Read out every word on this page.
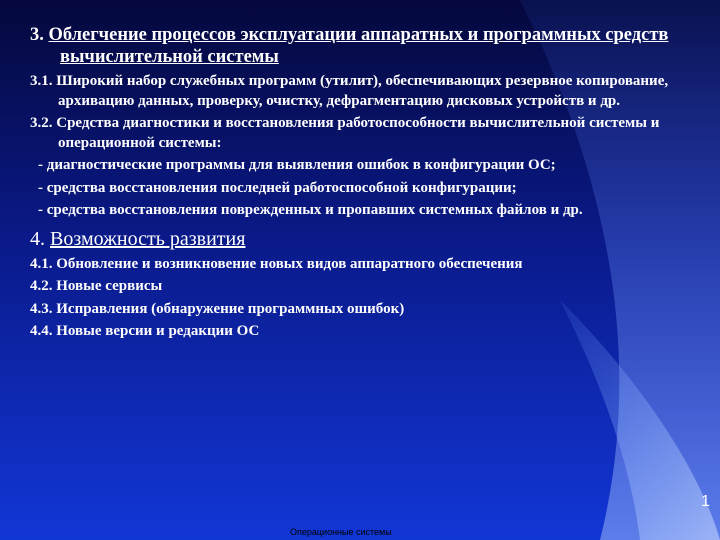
3. Облегчение процессов эксплуатации аппаратных и программных средств вычислительной системы
3.1. Широкий набор служебных программ (утилит), обеспечивающих резервное копирование, архивацию данных, проверку, очистку, дефрагментацию дисковых устройств и др.
3.2. Средства диагностики и восстановления работоспособности вычислительной системы и операционной системы:
- диагностические программы для выявления ошибок в конфигурации ОС;
- средства восстановления последней работоспособной конфигурации;
- средства восстановления поврежденных и пропавших системных файлов и др.
4. Возможность развития
4.1. Обновление и возникновение новых видов аппаратного обеспечения
4.2. Новые сервисы
4.3. Исправления (обнаружение программных ошибок)
4.4. Новые версии и редакции ОС
1
Операционные системы
